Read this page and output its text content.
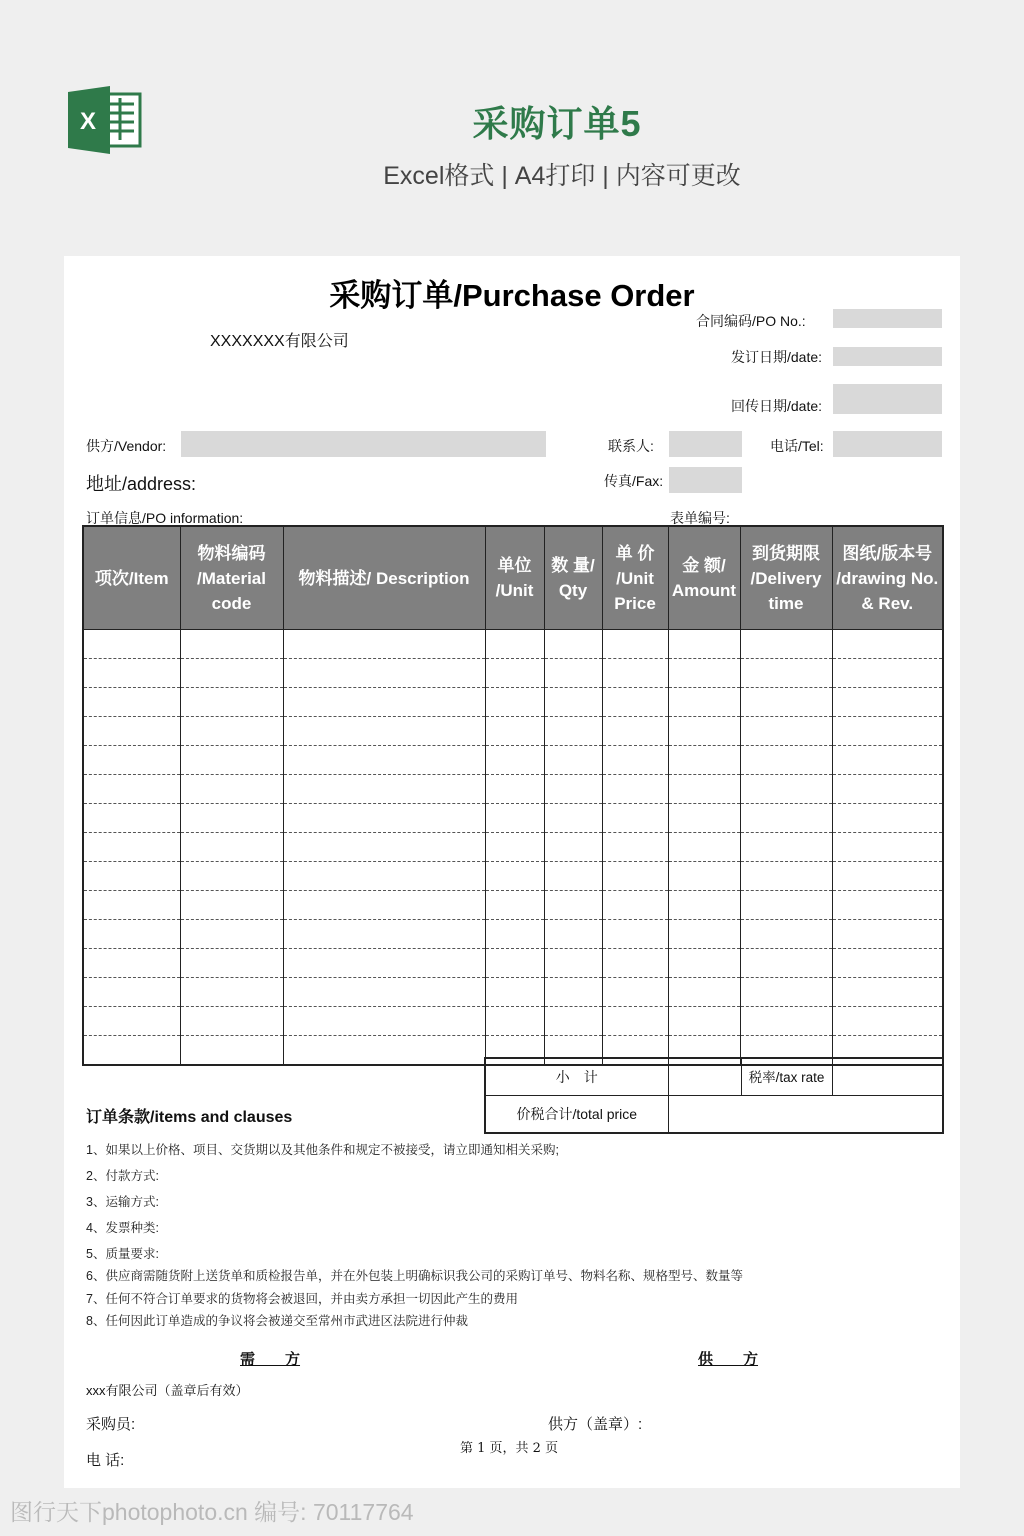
X	采购订单5
Excel格式 | A4打印 | 内容可更改
采购订单/Purchase Order
XXXXXXX有限公司
合同编码/PO No.:
发订日期/date:
回传日期/date:
供方/Vendor:	联系人:	电话/Tel:
地址/address:	传真/Fax:
订单信息/PO information:	表单编号:
项次/Item	物料编码 /Material code	物料描述/ Description	单位 /Unit	数 量/ Qty	单 价 /Unit Price	金 额/ Amount	到货期限 /Delivery time	图纸/版本号 /drawing No. & Rev.

小　计		税率/tax rate	
价税合计/total price			
订单条款/items and clauses
1、如果以上价格、项目、交货期以及其他条件和规定不被接受，请立即通知相关采购;
2、付款方式:
3、运输方式:
4、发票种类:
5、质量要求:
6、供应商需随货附上送货单和质检报告单，并在外包装上明确标识我公司的采购订单号、物料名称、规格型号、数量等
7、任何不符合订单要求的货物将会被退回，并由卖方承担一切因此产生的费用
8、任何因此订单造成的争议将会被递交至常州市武进区法院进行仲裁
需　　方	供　　方
xxx有限公司（盖章后有效）
采购员:	供方（盖章）:
第 1 页，共 2 页
电 话:
图行天下photophoto.cn 编号: 70117764
